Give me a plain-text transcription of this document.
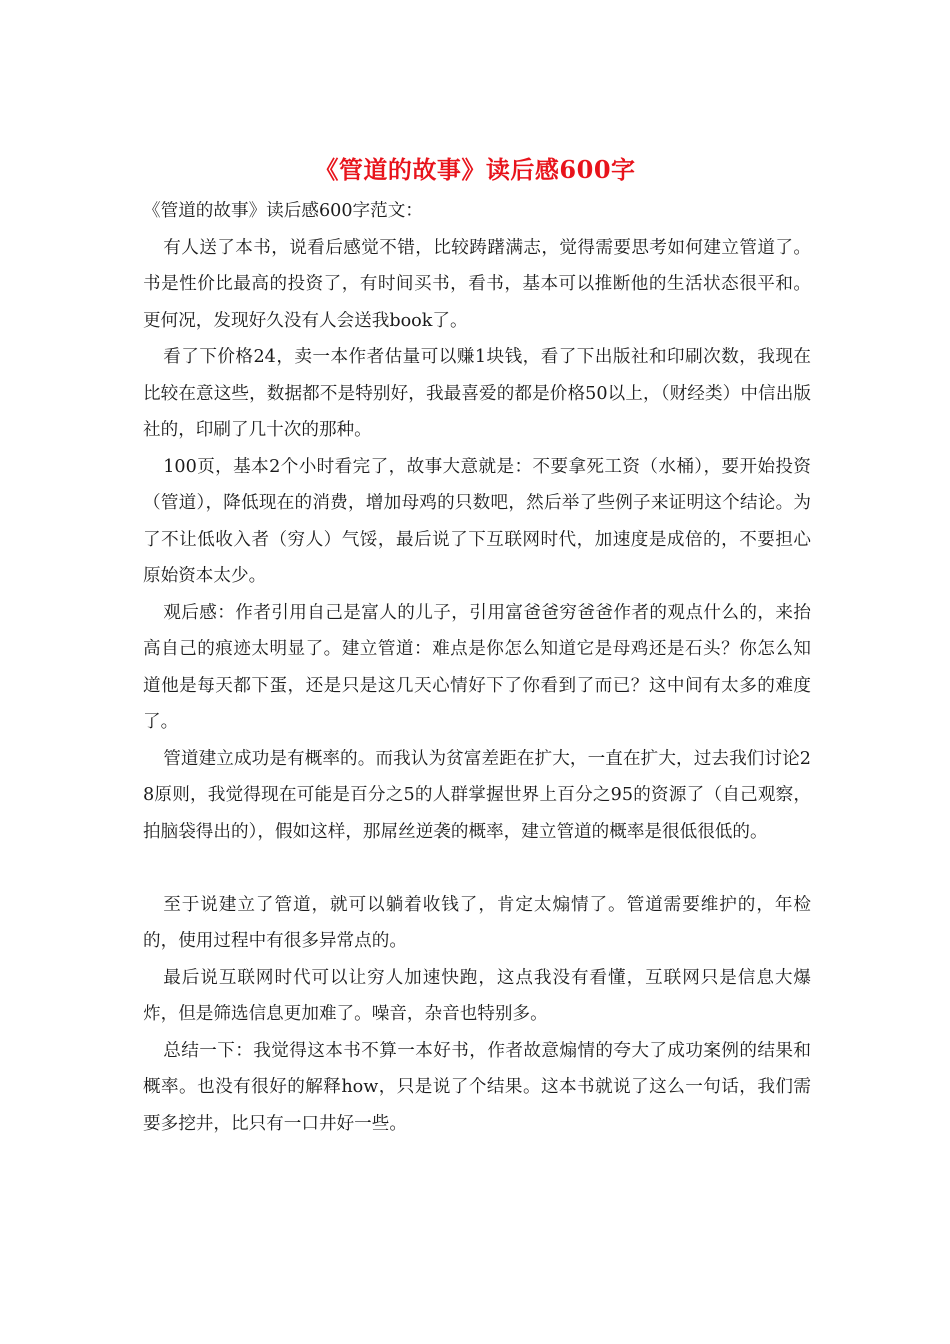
《管道的故事》读后感600字

《管道的故事》读后感600字范文：

有人送了本书，说看后感觉不错，比较踌躇满志，觉得需要思考如何建立管道了。书是性价比最高的投资了，有时间买书，看书，基本可以推断他的生活状态很平和。更何况，发现好久没有人会送我book了。

看了下价格24，卖一本作者估量可以赚1块钱，看了下出版社和印刷次数，我现在比较在意这些，数据都不是特别好，我最喜爱的都是价格50以上，（财经类）中信出版社的，印刷了几十次的那种。

100页，基本2个小时看完了，故事大意就是：不要拿死工资（水桶），要开始投资（管道），降低现在的消费，增加母鸡的只数吧，然后举了些例子来证明这个结论。为了不让低收入者（穷人）气馁，最后说了下互联网时代，加速度是成倍的，不要担心原始资本太少。

观后感：作者引用自己是富人的儿子，引用富爸爸穷爸爸作者的观点什么的，来抬高自己的痕迹太明显了。建立管道：难点是你怎么知道它是母鸡还是石头？你怎么知道他是每天都下蛋，还是只是这几天心情好下了你看到了而已？这中间有太多的难度了。

管道建立成功是有概率的。而我认为贫富差距在扩大，一直在扩大，过去我们讨论28原则，我觉得现在可能是百分之5的人群掌握世界上百分之95的资源了（自己观察，拍脑袋得出的），假如这样，那屌丝逆袭的概率，建立管道的概率是很低很低的。

至于说建立了管道，就可以躺着收钱了，肯定太煽情了。管道需要维护的，年检的，使用过程中有很多异常点的。

最后说互联网时代可以让穷人加速快跑，这点我没有看懂，互联网只是信息大爆炸，但是筛选信息更加难了。噪音，杂音也特别多。

总结一下：我觉得这本书不算一本好书，作者故意煽情的夸大了成功案例的结果和概率。也没有很好的解释how，只是说了个结果。这本书就说了这么一句话，我们需要多挖井，比只有一口井好一些。
